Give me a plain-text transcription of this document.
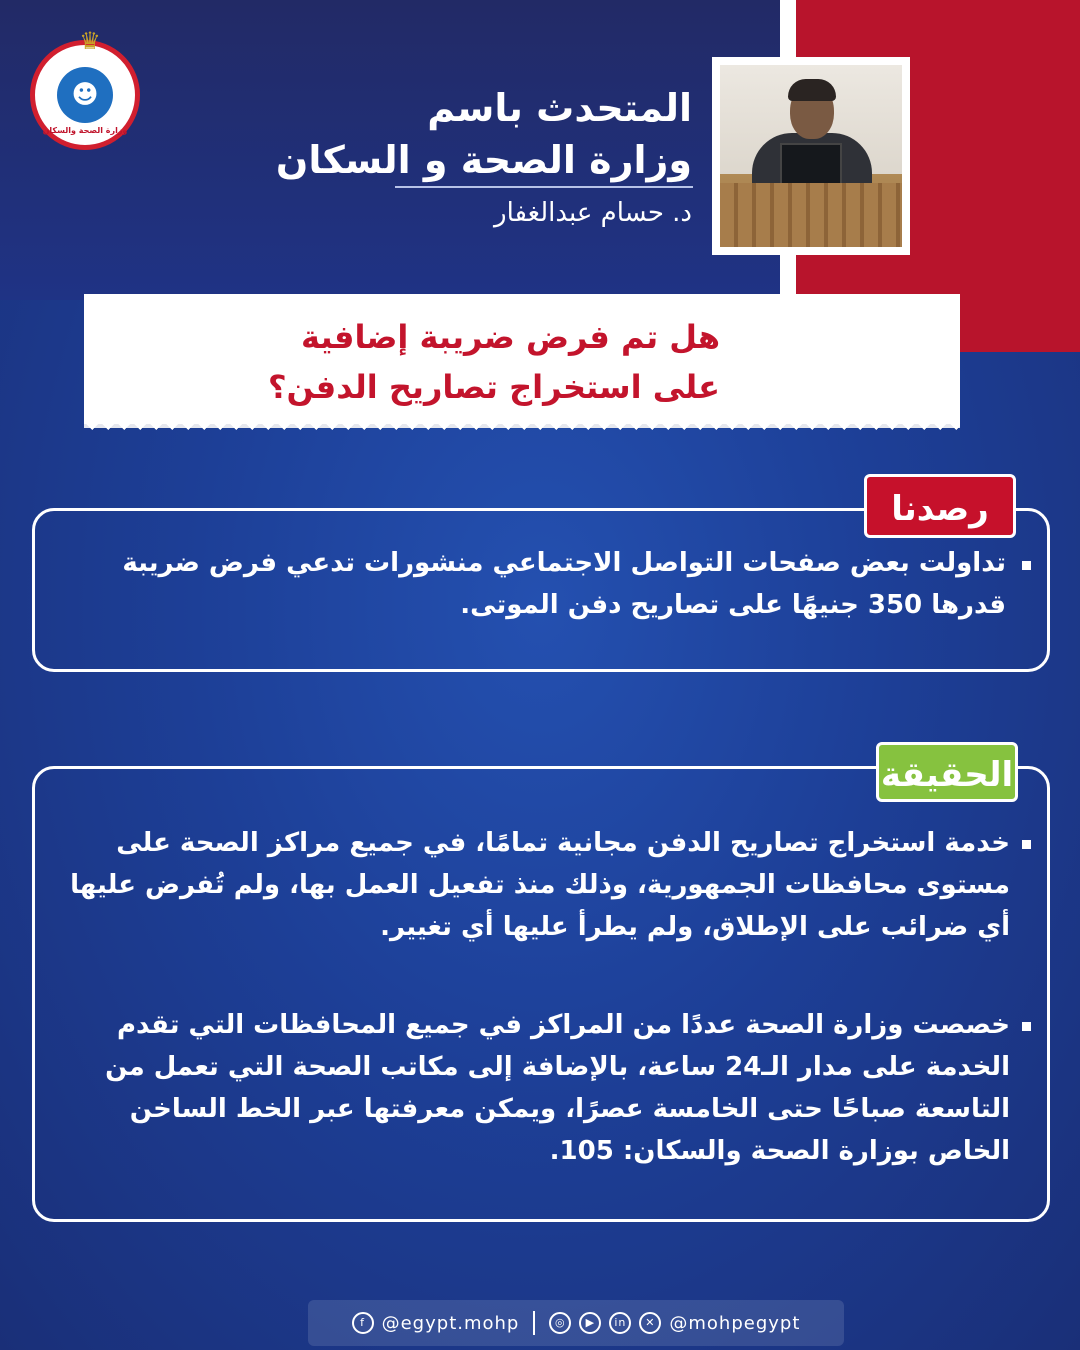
♛
☻
وزارة الصحة والسكان
المتحدث باسم
وزارة الصحة و السكان
د. حسام عبدالغفار
هل تم فرض ضريبة إضافية
على استخراج تصاريح الدفن؟
رصدنا
تداولت بعض صفحات التواصل الاجتماعي منشورات تدعي فرض ضريبة قدرها 350 جنيهًا على تصاريح دفن الموتى.
الحقيقة
خدمة استخراج تصاريح الدفن مجانية تمامًا، في جميع مراكز الصحة على مستوى محافظات الجمهورية، وذلك منذ تفعيل العمل بها، ولم تُفرض عليها أي ضرائب على الإطلاق، ولم يطرأ عليها أي تغيير.
خصصت وزارة الصحة عددًا من المراكز في جميع المحافظات التي تقدم الخدمة على مدار الـ24 ساعة، بالإضافة إلى مكاتب الصحة التي تعمل من التاسعة صباحًا حتى الخامسة عصرًا، ويمكن معرفتها عبر الخط الساخن الخاص بوزارة الصحة والسكان: 105.
f @egypt.mohp	◎	▶	in	✕ @mohpegypt
